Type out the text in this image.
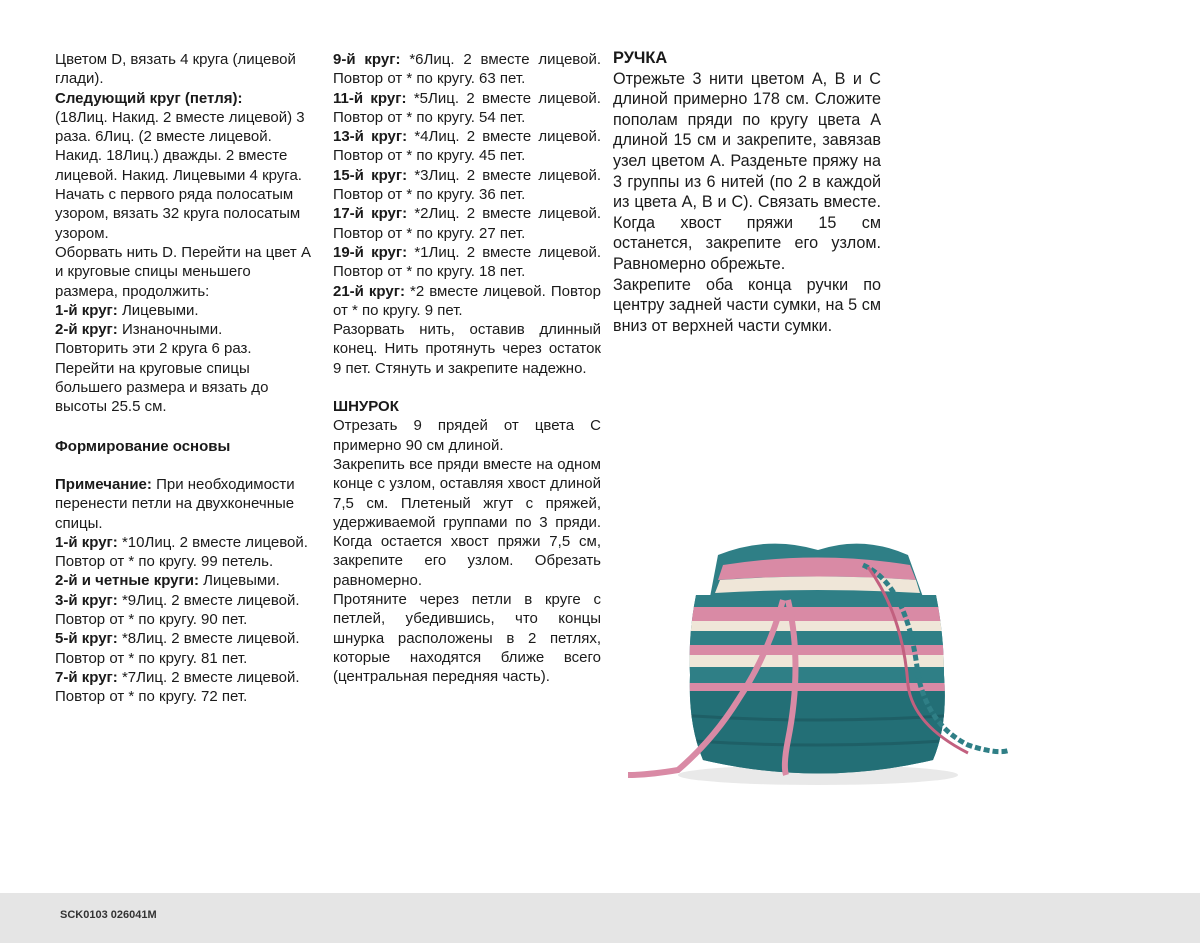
Цветом D, вязать 4 круга (лицевой глади).

Следующий круг (петля):

(18Лиц. Накид. 2 вместе лицевой) 3 раза. 6Лиц. (2 вместе лицевой. Накид. 18Лиц.) дважды. 2 вместе лицевой. Накид. Лицевыми 4 круга.

Начать с первого ряда полосатым узором, вязать 32 круга полосатым узором.

Оборвать нить D. Перейти на цвет А и круговые спицы меньшего размера, продолжить:

1-й круг: Лицевыми.

2-й круг: Изнаночными.

Повторить эти 2 круга 6 раз.

Перейти на круговые спицы большего размера и вязать до высоты 25.5 см.

Формирование основы

Примечание: При необходимости перенести петли на двухконечные спицы.

1-й круг: *10Лиц. 2 вместе лицевой. Повтор от * по кругу. 99 петель.

2-й и четные круги: Лицевыми.

3-й круг: *9Лиц. 2 вместе лицевой. Повтор от * по кругу. 90 пет.

5-й круг: *8Лиц. 2 вместе лицевой. Повтор от * по кругу. 81 пет.

7-й круг: *7Лиц. 2 вместе лицевой. Повтор от * по кругу. 72 пет.

9-й круг: *6Лиц. 2 вместе лицевой. Повтор от * по кругу. 63 пет.

11-й круг: *5Лиц. 2 вместе лицевой. Повтор от * по кругу. 54 пет.

13-й круг: *4Лиц. 2 вместе лицевой. Повтор от * по кругу. 45 пет.

15-й круг: *3Лиц. 2 вместе лицевой. Повтор от * по кругу. 36 пет.

17-й круг: *2Лиц. 2 вместе лицевой. Повтор от * по кругу. 27 пет.

19-й круг: *1Лиц. 2 вместе лицевой. Повтор от * по кругу. 18 пет.

21-й круг: *2 вместе лицевой. Повтор от * по кругу. 9 пет.

Разорвать нить, оставив длинный конец. Нить протянуть через остаток 9 пет. Стянуть и закрепите надежно.

ШНУРОК

Отрезать 9 прядей от цвета С примерно 90 см длиной.

Закрепить все пряди вместе на одном конце с узлом, оставляя хвост длиной 7,5 см. Плетеный жгут с пряжей, удерживаемой группами по 3 пряди. Когда остается хвост пряжи 7,5 см, закрепите его узлом. Обрезать равномерно.

Протяните через петли в круге с петлей, убедившись, что концы шнурка расположены в 2 петлях, которые находятся ближе всего (центральная передняя часть).

РУЧКА

Отрежьте 3 нити цветом А, В и С длиной примерно 178 см. Сложите пополам пряди по кругу цвета А длиной 15 см и закрепите, завязав узел цветом А. Разденьте пряжу на 3 группы из 6 нитей (по 2 в каждой из цвета А, В и С). Связать вместе. Когда хвост пряжи 15 см останется, закрепите его узлом. Равномерно обрежьте.

Закрепите оба конца ручки по центру задней части сумки, на 5 см вниз от верхней части сумки.

SCK0103 026041M
